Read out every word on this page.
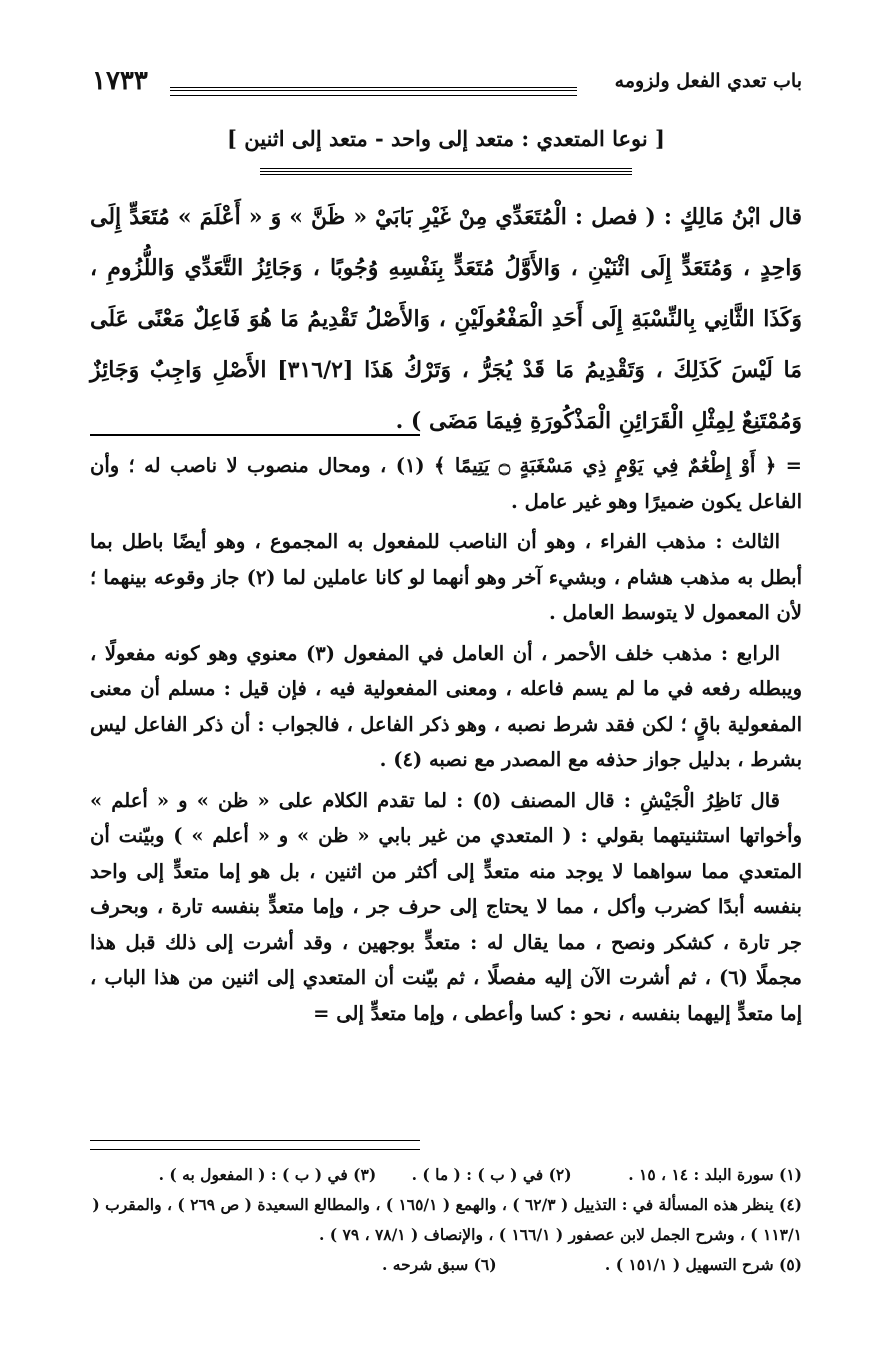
باب تعدي الفعل ولزومه
١٧٣٣
[ نوعا المتعدي : متعد إلى واحد - متعد إلى اثنين ]
قال ابْنُ مَالِكٍ : ( فصل : الْمُتَعَدِّي مِنْ غَيْرِ بَابَيْ « ظَنَّ » وَ « أَعْلَمَ » مُتَعَدٍّ إِلَى وَاحِدٍ ، وَمُتَعَدٍّ إِلَى اثْنَيْنِ ، وَالأَوَّلُ مُتَعَدٍّ بِنَفْسِهِ وُجُوبًا ، وَجَائِزُ التَّعَدِّي وَاللُّزُومِ ، وَكَذَا الثَّانِي بِالنِّسْبَةِ إِلَى أَحَدِ الْمَفْعُولَيْنِ ، وَالأَصْلُ تَقْدِيمُ مَا هُوَ فَاعِلٌ مَعْنًى عَلَى مَا لَيْسَ كَذَلِكَ ، وَتَقْدِيمُ مَا قَدْ يُجَرُّ ، وَتَرْكُ هَذَا [٣١٦/٢] الأَصْلِ وَاجِبٌ وَجَائِزٌ وَمُمْتَنِعٌ لِمِثْلِ الْقَرَائِنِ الْمَذْكُورَةِ فِيمَا مَضَى ) .

= ﴿ أَوْ إِطْعَٰمٌ فِي يَوْمٍ ذِي مَسْغَبَةٍ ۝ يَتِيمًا ﴾ (١) ، ومحال منصوب لا ناصب له ؛ وأن الفاعل يكون ضميرًا وهو غير عامل .

الثالث : مذهب الفراء ، وهو أن الناصب للمفعول به المجموع ، وهو أيضًا باطل بما أبطل به مذهب هشام ، وبشيء آخر وهو أنهما لو كانا عاملين لما (٢) جاز وقوعه بينهما ؛ لأن المعمول لا يتوسط العامل .

الرابع : مذهب خلف الأحمر ، أن العامل في المفعول (٣) معنوي وهو كونه مفعولًا ، ويبطله رفعه في ما لم يسم فاعله ، ومعنى المفعولية فيه ، فإن قيل : مسلم أن معنى المفعولية باقٍ ؛ لكن فقد شرط نصبه ، وهو ذكر الفاعل ، فالجواب : أن ذكر الفاعل ليس بشرط ، بدليل جواز حذفه مع المصدر مع نصبه (٤) .

قال نَاظِرُ الْجَيْشِ : قال المصنف (٥) : لما تقدم الكلام على « ظن » و « أعلم » وأخواتها استثنيتهما بقولي : ( المتعدي من غير بابي « ظن » و « أعلم » ) وبيّنت أن المتعدي مما سواهما لا يوجد منه متعدٍّ إلى أكثر من اثنين ، بل هو إما متعدٍّ إلى واحد بنفسه أبدًا كضرب وأكل ، مما لا يحتاج إلى حرف جر ، وإما متعدٍّ بنفسه تارة ، وبحرف جر تارة ، كشكر ونصح ، مما يقال له : متعدٍّ بوجهين ، وقد أشرت إلى ذلك قبل هذا مجملًا (٦) ، ثم أشرت الآن إليه مفصلًا ، ثم بيّنت أن المتعدي إلى اثنين من هذا الباب ، إما متعدٍّ إليهما بنفسه ، نحو : كسا وأعطى ، وإما متعدٍّ إلى =

(١) سورة البلد : ١٤ ، ١٥ . (٢) في ( ب ) : ( ما ) . (٣) في ( ب ) : ( المفعول به ) .
(٤) ينظر هذه المسألة في : التذييل ( ٦٢/٣ ) ، والهمع ( ١٦٥/١ ) ، والمطالع السعيدة ( ص ٢٦٩ ) ، والمقرب ( ١١٣/١ ) ، وشرح الجمل لابن عصفور ( ١٦٦/١ ) ، والإنصاف ( ٧٨/١ ، ٧٩ ) .
(٥) شرح التسهيل ( ١٥١/١ ) . (٦) سبق شرحه .
